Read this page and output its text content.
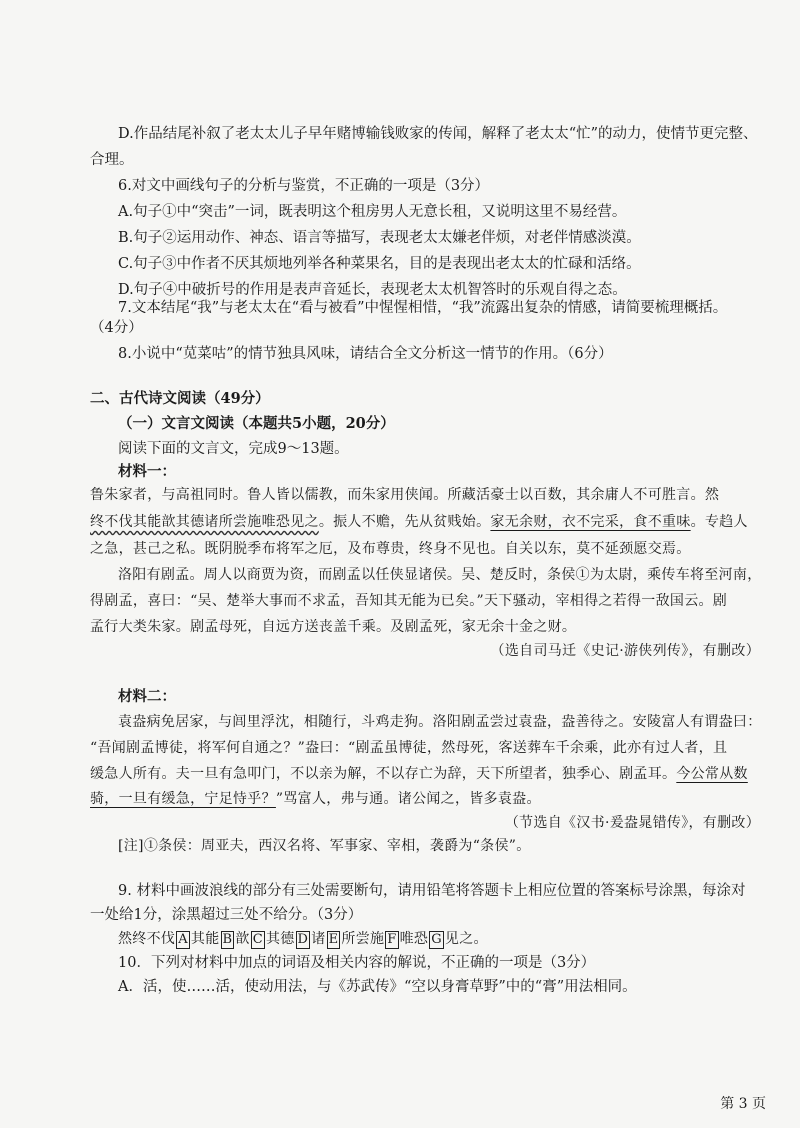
D.作品结尾补叙了老太太儿子早年赌博输钱败家的传闻，解释了老太太“忙”的动力，使情节更完整、
合理。
6.对文中画线句子的分析与鉴赏，不正确的一项是（3分）
A.句子①中“突击”一词，既表明这个租房男人无意长租，又说明这里不易经营。
B.句子②运用动作、神态、语言等描写，表现老太太嫌老伴烦，对老伴情感淡漠。
C.句子③中作者不厌其烦地列举各种菜果名，目的是表现出老太太的忙碌和活络。
D.句子④中破折号的作用是表声音延长，表现老太太机智答时的乐观自得之态。
7.文本结尾“我”与老太太在“看与被看”中惺惺相惜，“我”流露出复杂的情感，请简要梳理概括。
（4分）
8.小说中“苋菜咕”的情节独具风味，请结合全文分析这一情节的作用。（6分）
二、古代诗文阅读（49分）
（一）文言文阅读（本题共5小题，20分）
阅读下面的文言文，完成9～13题。
材料一：
鲁朱家者，与高祖同时。鲁人皆以儒教，而朱家用侠闻。所藏活豪士以百数，其余庸人不可胜言。然
终不伐其能歆其德诸所尝施唯恐见之。振人不赡，先从贫贱始。家无余财，衣不完采，食不重味。专趋人
之急，甚己之私。既阴脱季布将军之厄，及布尊贵，终身不见也。自关以东，莫不延颈愿交焉。
洛阳有剧孟。周人以商贾为资，而剧孟以任侠显诸侯。吴、楚反时，条侯①为太尉，乘传车将至河南，
得剧孟，喜曰：“吴、楚举大事而不求孟，吾知其无能为已矣。”天下骚动，宰相得之若得一敌国云。剧
孟行大类朱家。剧孟母死，自远方送丧盖千乘。及剧孟死，家无余十金之财。
（选自司马迁《史记·游侠列传》，有删改）
材料二：
袁盎病免居家，与闾里浮沈，相随行，斗鸡走狗。洛阳剧孟尝过袁盎，盎善待之。安陵富人有谓盎曰：
“吾闻剧孟博徒，将军何自通之？”盎曰：“剧孟虽博徒，然母死，客送葬车千余乘，此亦有过人者，且
缓急人所有。夫一旦有急叩门，不以亲为解，不以存亡为辞，天下所望者，独季心、剧孟耳。今公常从数
骑，一旦有缓急，宁足恃乎？”骂富人，弗与通。诸公闻之，皆多袁盎。
（节选自《汉书·爰盎晁错传》，有删改）
[注]①条侯：周亚夫，西汉名将、军事家、宰相，袭爵为“条侯”。
9. 材料中画波浪线的部分有三处需要断句，请用铅笔将答题卡上相应位置的答案标号涂黑，每涂对
一处给1分，涂黑超过三处不给分。（3分）
然终不伐 A 其能 B 歆 C 其德 D 诸 E 所尝施 F 唯恐 G 见之。
10．下列对材料中加点的词语及相关内容的解说，不正确的一项是（3分）
A．活，使……活，使动用法，与《苏武传》“空以身膏草野”中的“膏”用法相同。
第 3 页
